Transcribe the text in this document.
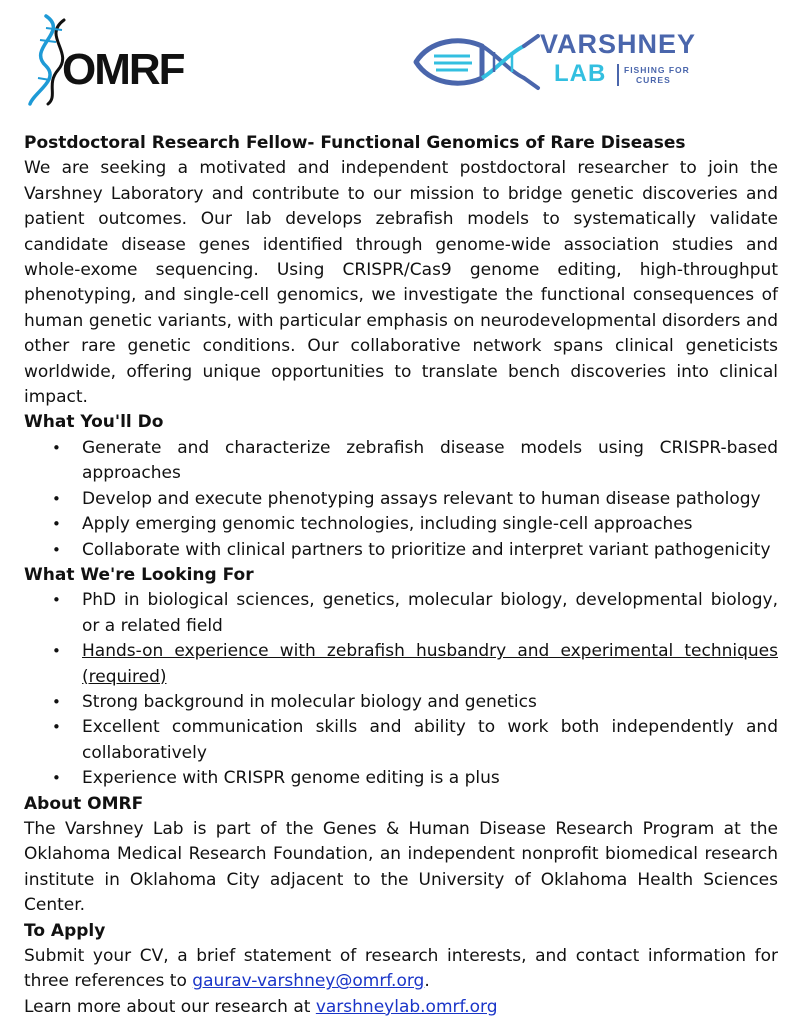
OMRF
VARSHNEY
LAB FISHING FOR
CURES
Postdoctoral Research Fellow- Functional Genomics of Rare Diseases

We are seeking a motivated and independent postdoctoral researcher to join the Varshney Laboratory and contribute to our mission to bridge genetic discoveries and patient outcomes. Our lab develops zebrafish models to systematically validate candidate disease genes identified through genome-wide association studies and whole-exome sequencing. Using CRISPR/Cas9 genome editing, high-throughput phenotyping, and single-cell genomics, we investigate the functional consequences of human genetic variants, with particular emphasis on neurodevelopmental disorders and other rare genetic conditions. Our collaborative network spans clinical geneticists worldwide, offering unique opportunities to translate bench discoveries into clinical impact.

What You'll Do
• Generate and characterize zebrafish disease models using CRISPR-based approaches
• Develop and execute phenotyping assays relevant to human disease pathology
• Apply emerging genomic technologies, including single-cell approaches
• Collaborate with clinical partners to prioritize and interpret variant pathogenicity
What We're Looking For
• PhD in biological sciences, genetics, molecular biology, developmental biology, or a related field
• Hands-on experience with zebrafish husbandry and experimental techniques (required)
• Strong background in molecular biology and genetics
• Excellent communication skills and ability to work both independently and collaboratively
• Experience with CRISPR genome editing is a plus
About OMRF

The Varshney Lab is part of the Genes & Human Disease Research Program at the Oklahoma Medical Research Foundation, an independent nonprofit biomedical research institute in Oklahoma City adjacent to the University of Oklahoma Health Sciences Center.

To Apply

Submit your CV, a brief statement of research interests, and contact information for three references to gaurav-varshney@omrf.org.

Learn more about our research at varshneylab.omrf.org
